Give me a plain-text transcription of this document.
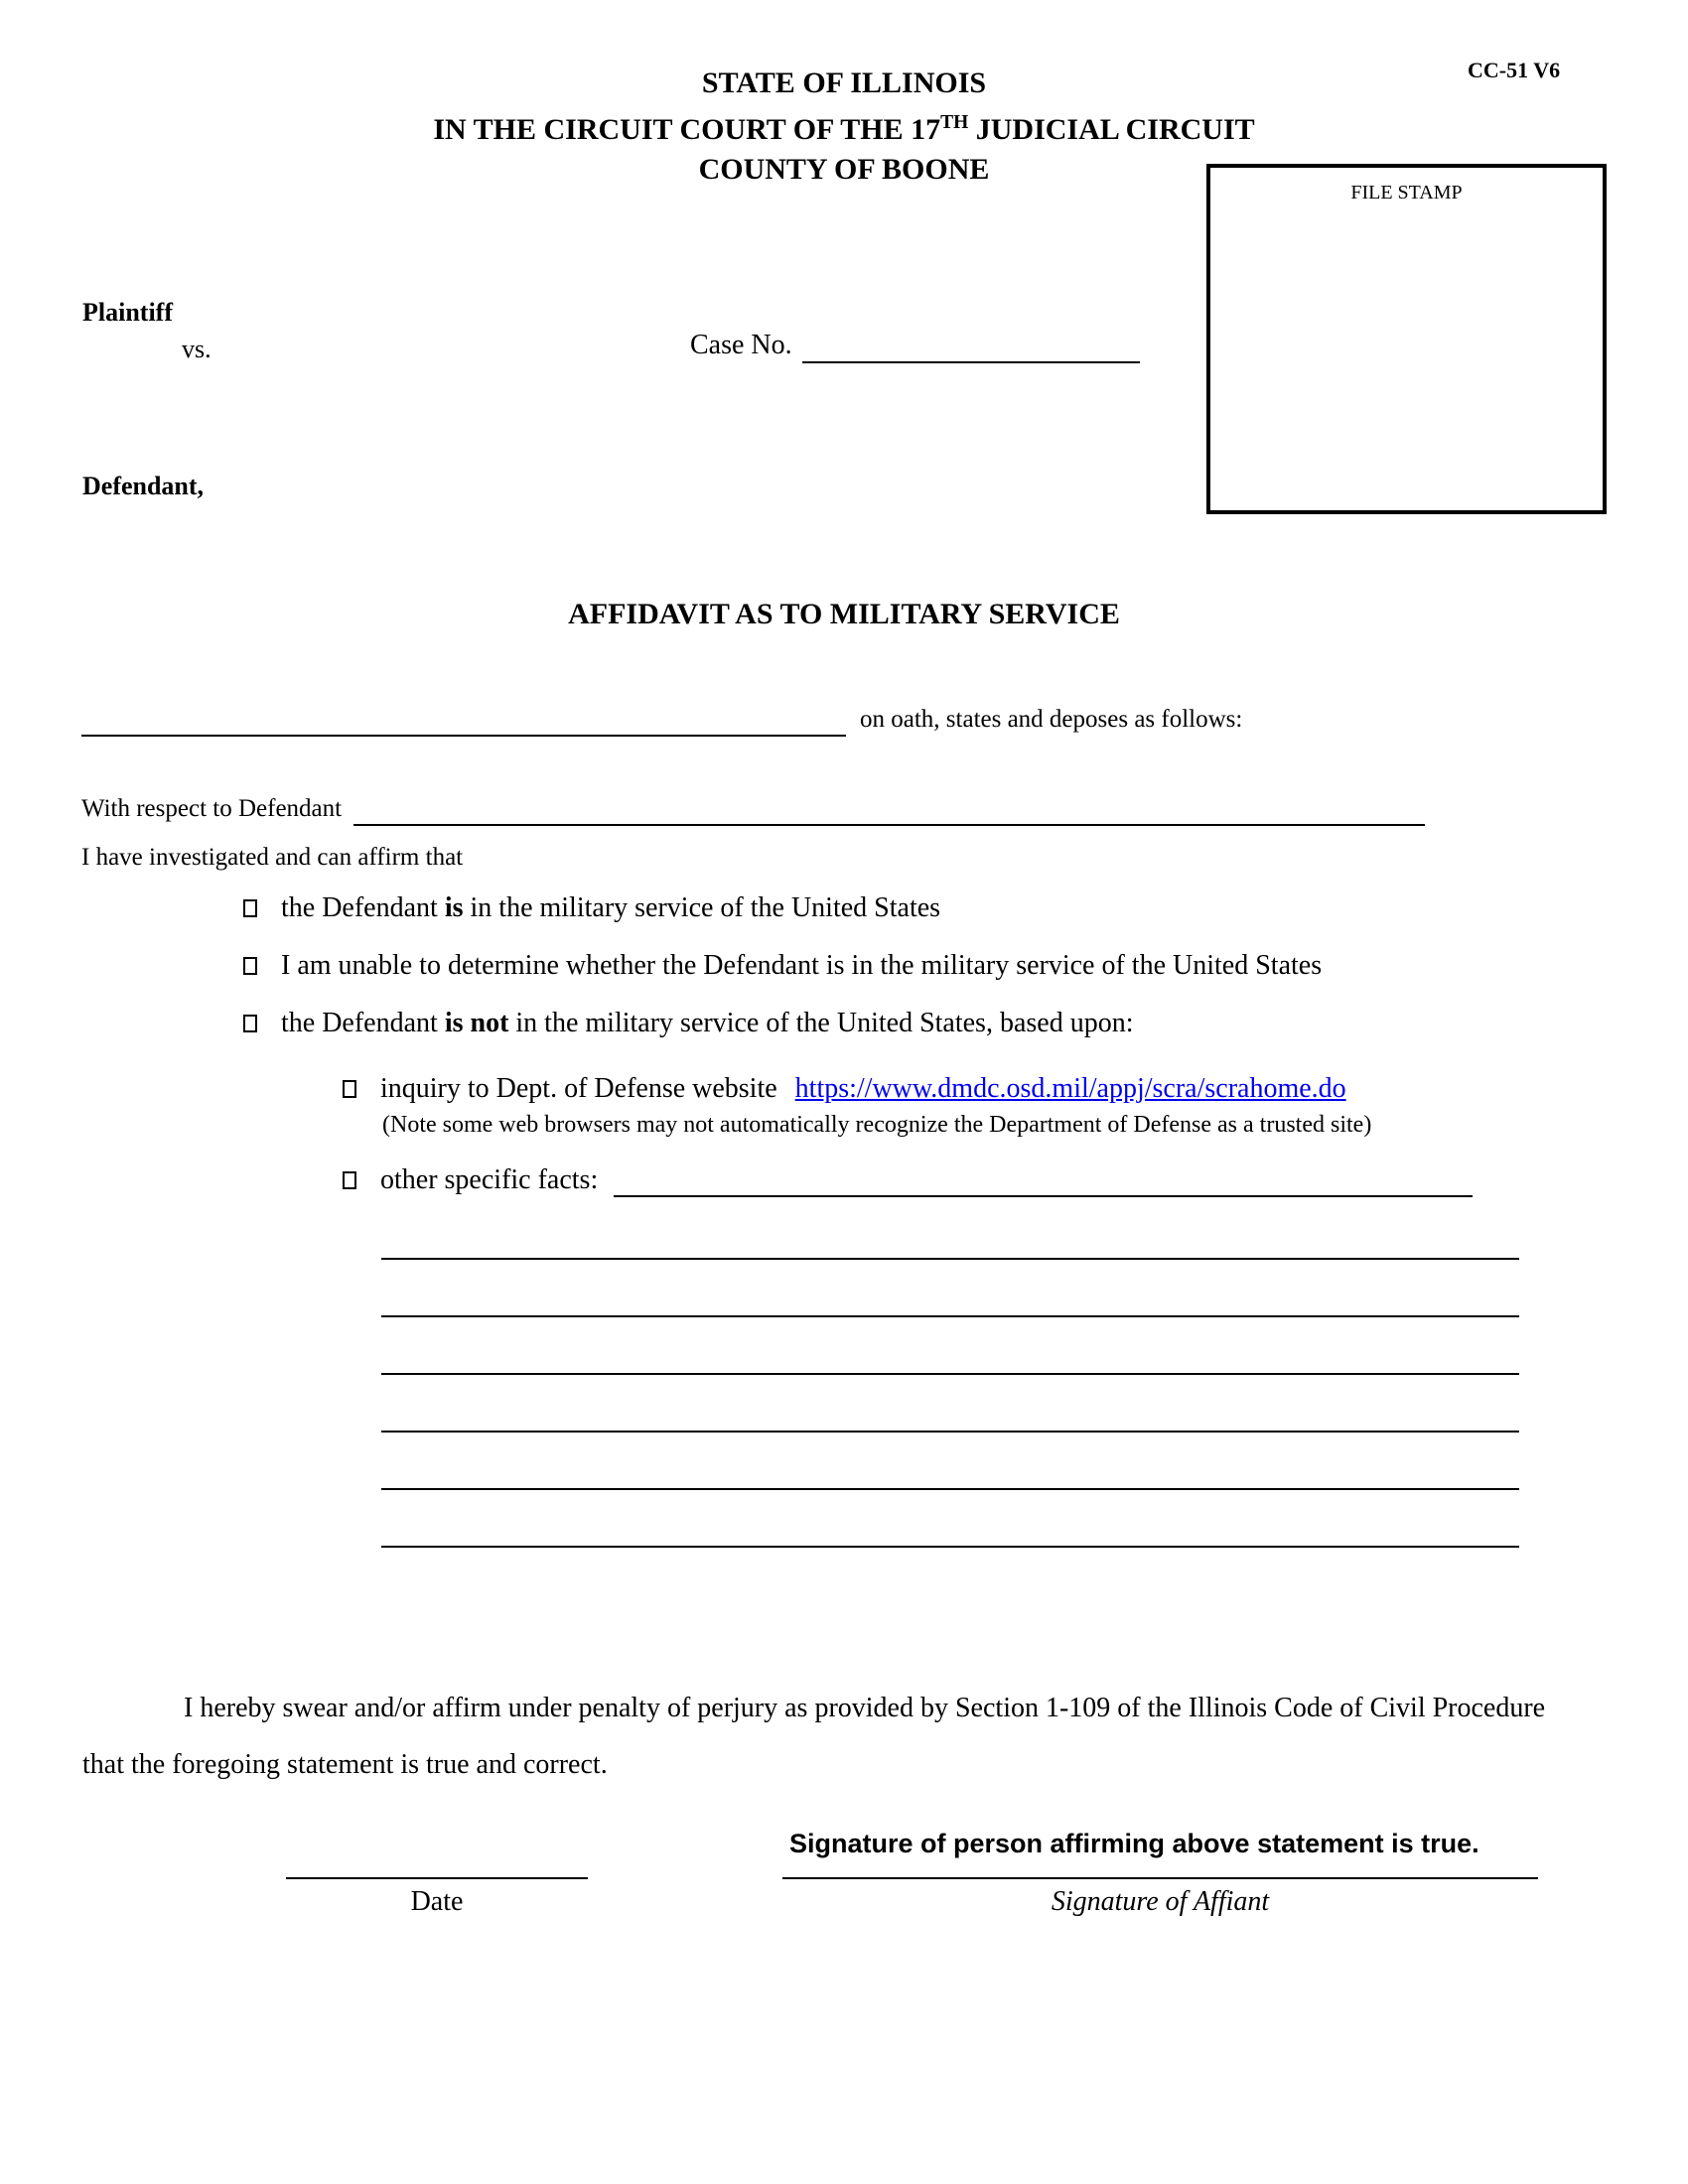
CC-51 V6
STATE OF ILLINOIS
IN THE CIRCUIT COURT OF THE 17TH JUDICIAL CIRCUIT
COUNTY OF BOONE
FILE STAMP
Plaintiff
vs.	Case No.
Defendant,
AFFIDAVIT AS TO MILITARY SERVICE
on oath, states and deposes as follows:
With respect to Defendant
I have investigated and can affirm that
the Defendant is in the military service of the United States
I am unable to determine whether the Defendant is in the military service of the United States
the Defendant is not in the military service of the United States, based upon:
inquiry to Dept. of Defense website https://www.dmdc.osd.mil/appj/scra/scrahome.do
(Note some web browsers may not automatically recognize the Department of Defense as a trusted site)
other specific facts:
I hereby swear and/or affirm under penalty of perjury as provided by Section 1-109 of the Illinois Code of Civil Procedure that the foregoing statement is true and correct.
Signature of person affirming above statement is true.
Date	Signature of Affiant
